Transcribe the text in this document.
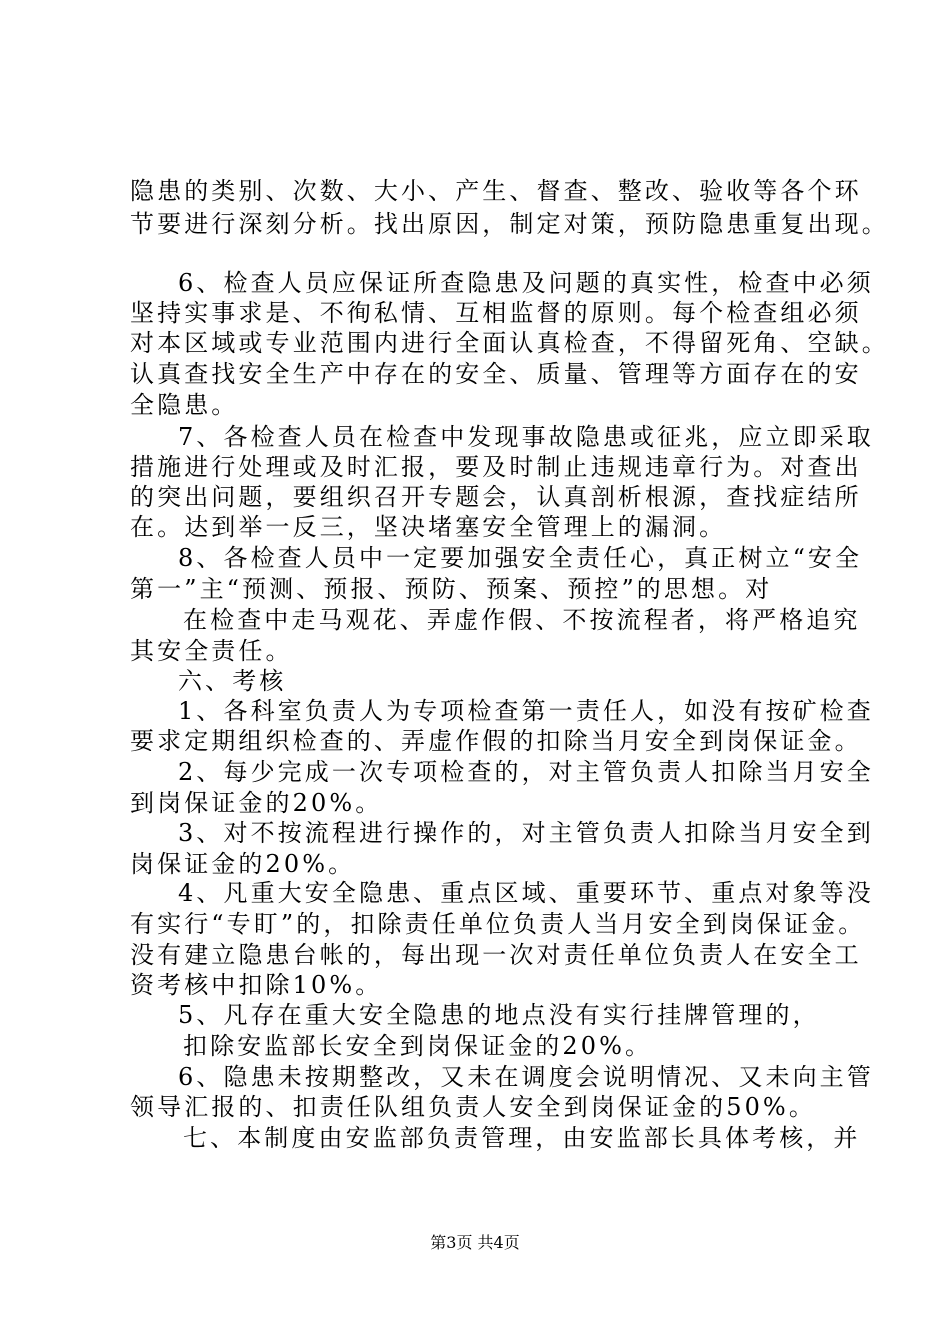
隐患的类别、次数、大小、产生、督查、整改、验收等各个环
节要进行深刻分析。找出原因，制定对策，预防隐患重复出现。
6、检查人员应保证所查隐患及问题的真实性，检查中必须
坚持实事求是、不徇私情、互相监督的原则。每个检查组必须
对本区域或专业范围内进行全面认真检查，不得留死角、空缺。
认真查找安全生产中存在的安全、质量、管理等方面存在的安
全隐患。
7、各检查人员在检查中发现事故隐患或征兆，应立即采取
措施进行处理或及时汇报，要及时制止违规违章行为。对查出
的突出问题，要组织召开专题会，认真剖析根源，查找症结所
在。达到举一反三，坚决堵塞安全管理上的漏洞。
8、各检查人员中一定要加强安全责任心，真正树立“安全
第一”主“预测、预报、预防、预案、预控”的思想。对
在检查中走马观花、弄虚作假、不按流程者，将严格追究
其安全责任。
六、考核
1、各科室负责人为专项检查第一责任人，如没有按矿检查
要求定期组织检查的、弄虚作假的扣除当月安全到岗保证金。
2、每少完成一次专项检查的，对主管负责人扣除当月安全
到岗保证金的20%。
3、对不按流程进行操作的，对主管负责人扣除当月安全到
岗保证金的20%。
4、凡重大安全隐患、重点区域、重要环节、重点对象等没
有实行“专盯”的，扣除责任单位负责人当月安全到岗保证金。
没有建立隐患台帐的，每出现一次对责任单位负责人在安全工
资考核中扣除10%。
5、凡存在重大安全隐患的地点没有实行挂牌管理的，
扣除安监部长安全到岗保证金的20%。
6、隐患未按期整改，又未在调度会说明情况、又未向主管
领导汇报的、扣责任队组负责人安全到岗保证金的50%。
七、本制度由安监部负责管理，由安监部长具体考核，并
第3页 共4页
